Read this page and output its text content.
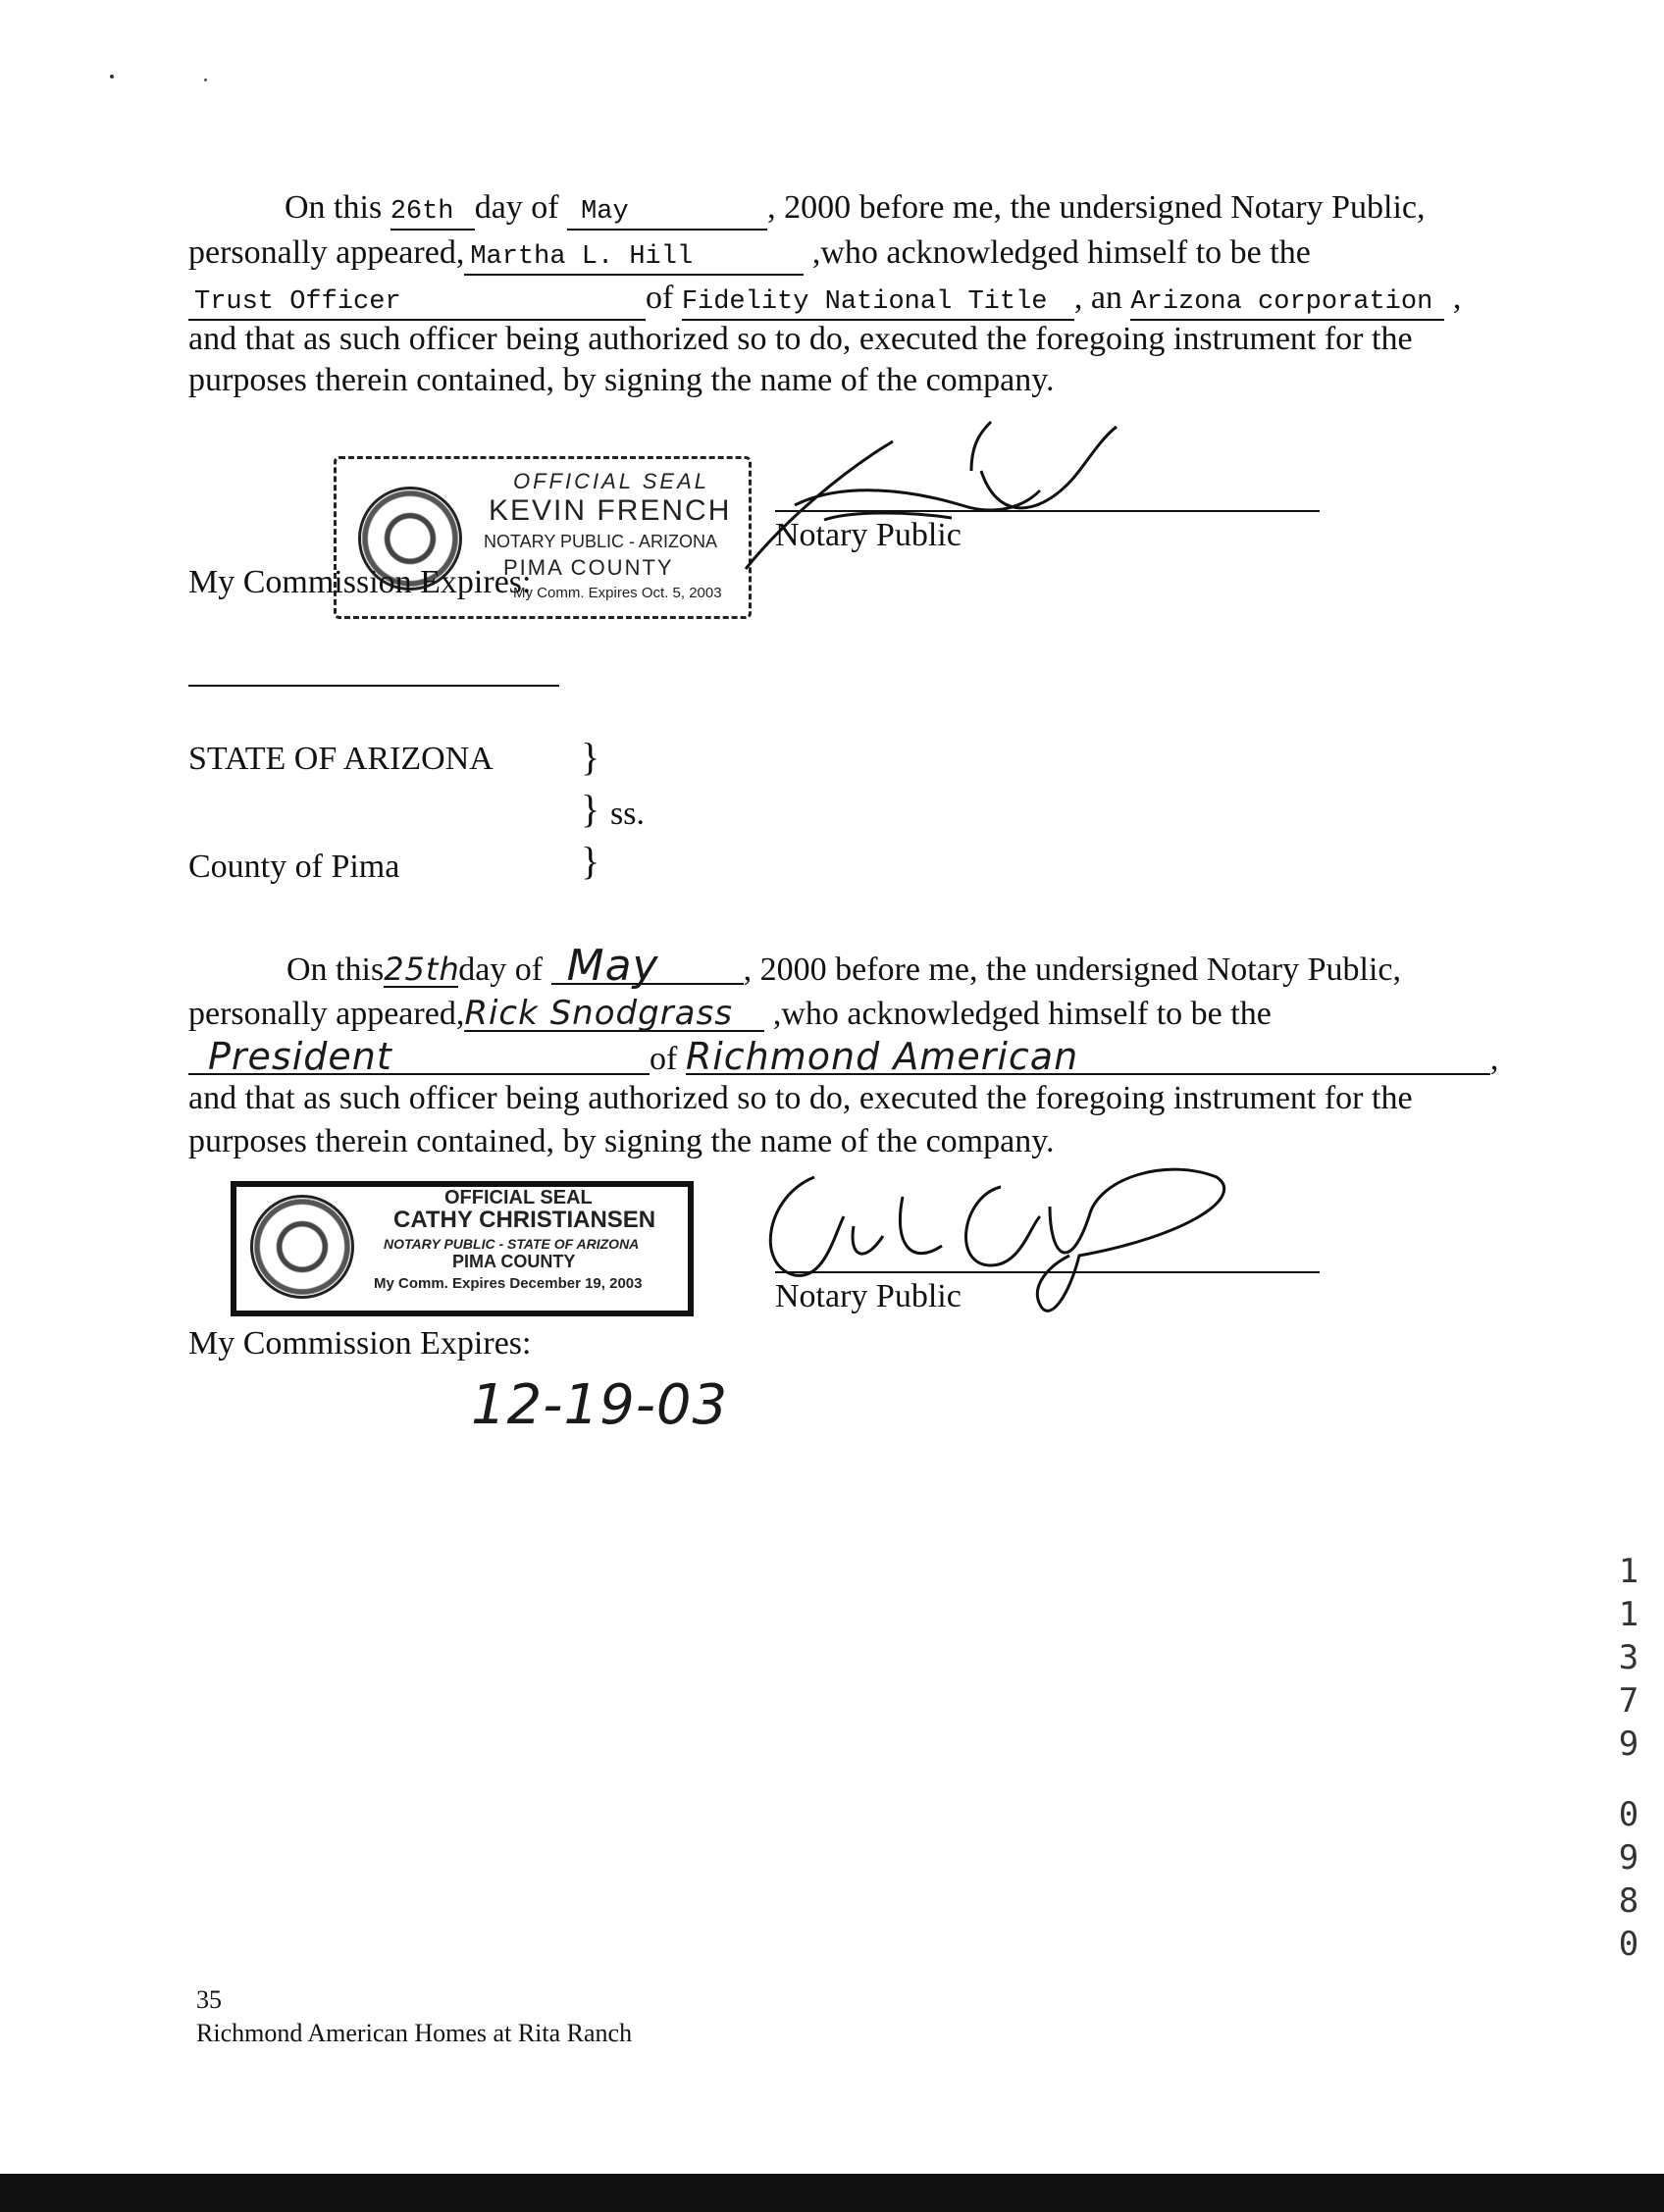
On this 26th day of May	, 2000 before me, the undersigned Notary Public,
personally appeared, Martha L. Hill	,who acknowledged himself to be the
Trust Officer	of Fidelity National Title , an Arizona corporation ,
and that as such officer being authorized so to do, executed the foregoing instrument for the
purposes therein contained, by signing the name of the company.
OFFICIAL SEAL
KEVIN FRENCH
NOTARY PUBLIC - ARIZONA
PIMA COUNTY
My Comm. Expires Oct. 5, 2003
Notary Public
My Commission Expires:
STATE OF ARIZONA }
} ss.
County of Pima	}
On this25thday of May	, 2000 before me, the undersigned Notary Public,
personally appeared,Rick Snodgrass ,who acknowledged himself to be the
President	of Richmond American	,
and that as such officer being authorized so to do, executed the foregoing instrument for the
purposes therein contained, by signing the name of the company.
OFFICIAL SEAL
CATHY CHRISTIANSEN
NOTARY PUBLIC - STATE OF ARIZONA
PIMA COUNTY
My Comm. Expires December 19, 2003	Notary Public
My Commission Expires:
12-19-03
1
1
3
7
9
0
9
8
0
35
Richmond American Homes at Rita Ranch
